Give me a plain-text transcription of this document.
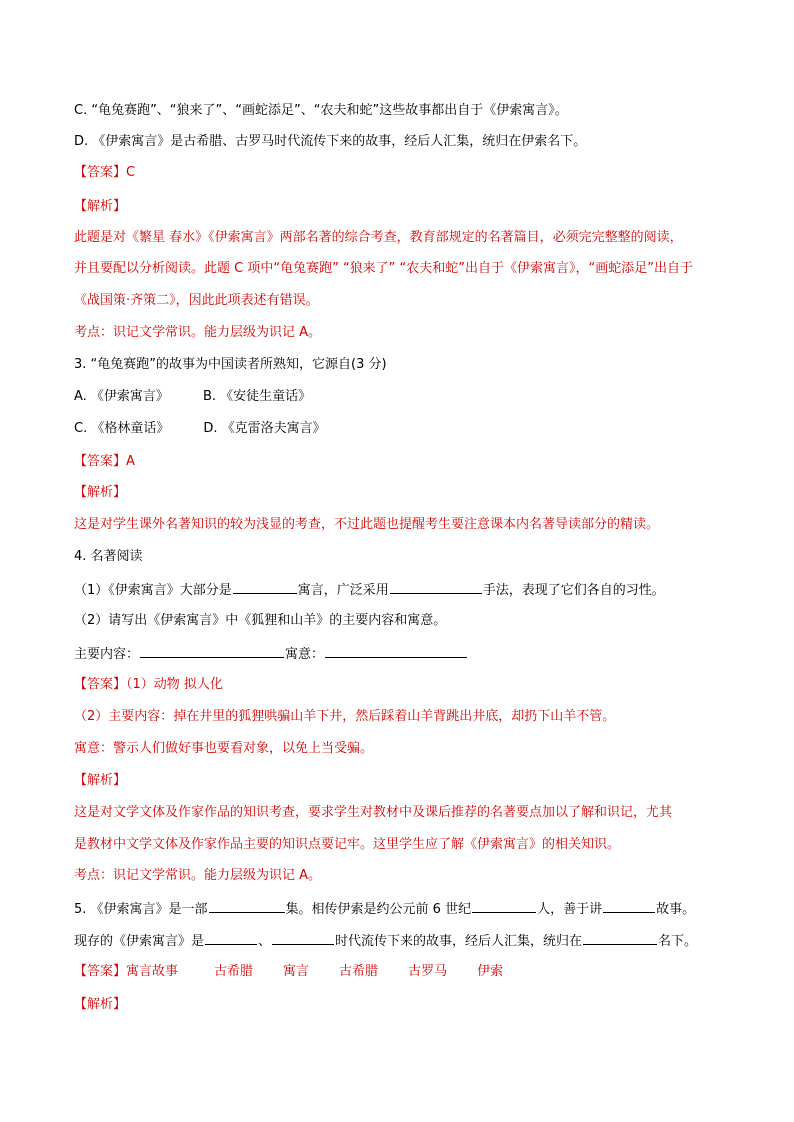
C. “龟兔赛跑”、“狼来了”、“画蛇添足”、“农夫和蛇”这些故事都出自于《伊索寓言》。
D. 《伊索寓言》是古希腊、古罗马时代流传下来的故事，经后人汇集，统归在伊索名下。
【答案】C
【解析】
此题是对《繁星 春水》《伊索寓言》两部名著的综合考查，教育部规定的名著篇目，必须完完整整的阅读，
并且要配以分析阅读。此题 C 项中“龟兔赛跑” “狼来了” “农夫和蛇”出自于《伊索寓言》，“画蛇添足”出自于
《战国策·齐策二》，因此此项表述有错误。
考点：识记文学常识。能力层级为识记 A。
3. “龟兔赛跑”的故事为中国读者所熟知，它源自(3 分)
A. 《伊索寓言》	B. 《安徒生童话》
C. 《格林童话》	D. 《克雷洛夫寓言》
【答案】A
【解析】
这是对学生课外名著知识的较为浅显的考查，不过此题也提醒考生要注意课本内名著导读部分的精读。
4. 名著阅读
（1）《伊索寓言》大部分是	寓言，广泛采用	手法，表现了它们各自的习性。
（2）请写出《伊索寓言》中《狐狸和山羊》的主要内容和寓意。
主要内容：	寓意：
【答案】（1）动物 拟人化
（2）主要内容：掉在井里的狐狸哄骗山羊下井，然后踩着山羊背跳出井底，却扔下山羊不管。
寓意：警示人们做好事也要看对象，以免上当受骗。
【解析】
这是对文学文体及作家作品的知识考查，要求学生对教材中及课后推荐的名著要点加以了解和识记，尤其
是教材中文学文体及作家作品主要的知识点要记牢。这里学生应了解《伊索寓言》的相关知识。
考点：识记文学常识。能力层级为识记 A。
5. 《伊索寓言》是一部	集。相传伊索是约公元前 6 世纪	人，善于讲	故事。
现存的《伊索寓言》是	、	时代流传下来的故事，经后人汇集，统归在	名下。
【答案】寓言故事	古希腊 寓言 古希腊 古罗马 伊索
【解析】
